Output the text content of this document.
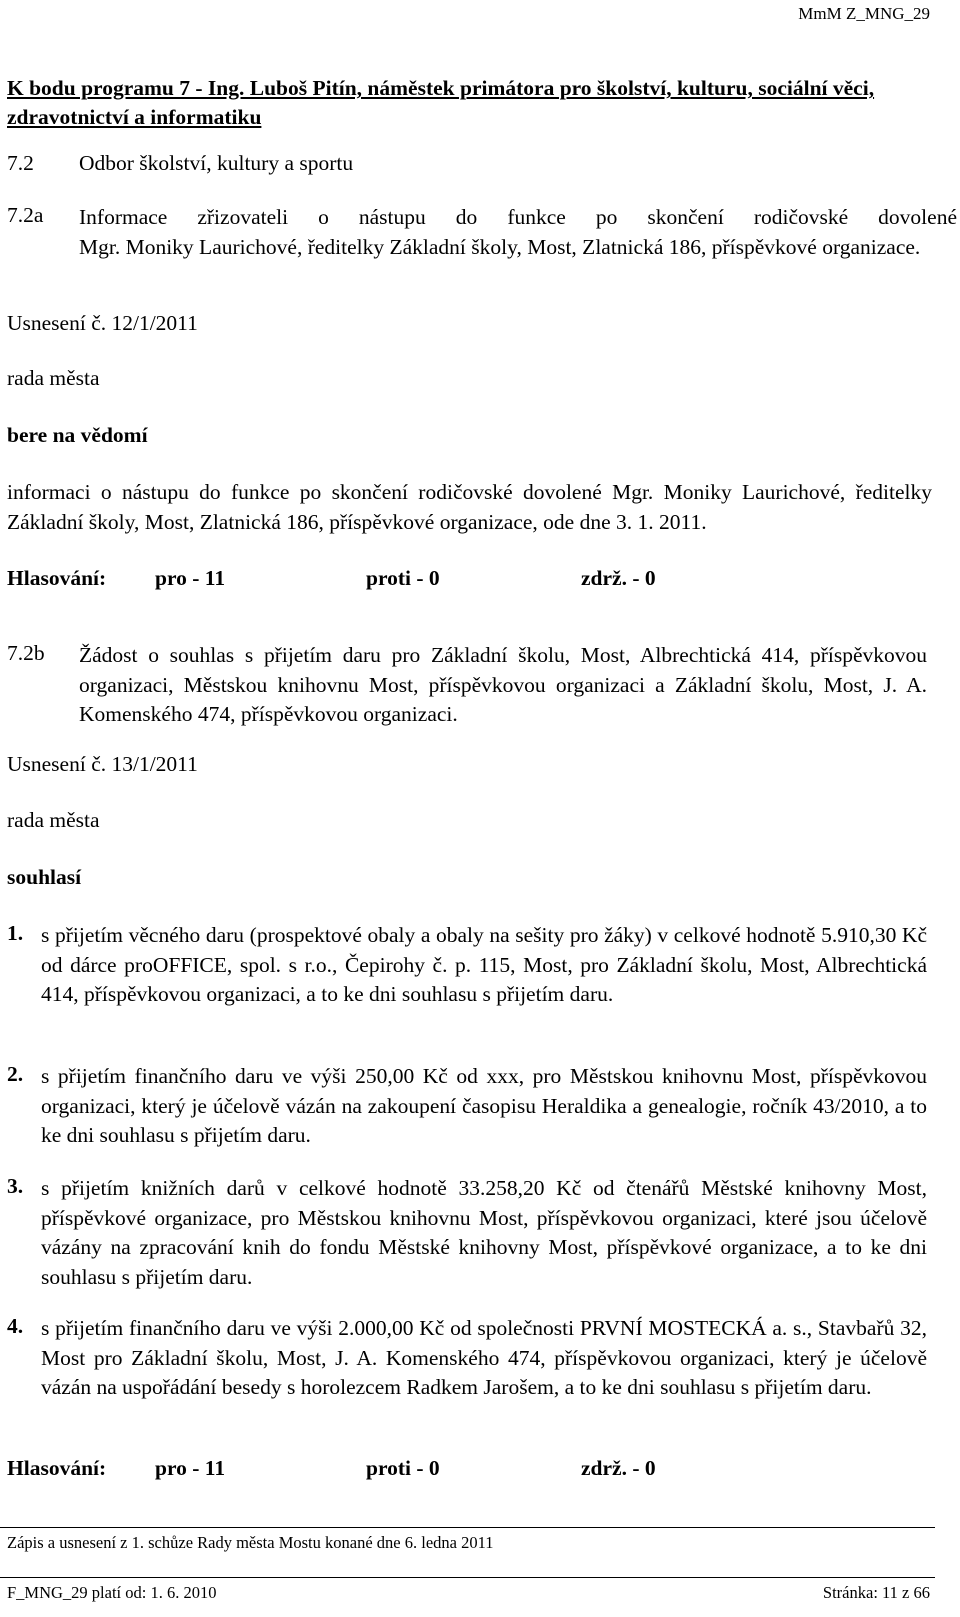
MmM Z_MNG_29
K bodu programu 7 - Ing. Luboš Pitín, náměstek primátora pro školství, kulturu, sociální věci, zdravotnictví a informatiku
7.2 Odbor školství, kultury a sportu
7.2a Informace zřizovateli o nástupu do funkce po skončení rodičovské dovolené
Mgr. Moniky Laurichové, ředitelky Základní školy, Most, Zlatnická 186, příspěvkové organizace.
Usnesení č. 12/1/2011
rada města
bere na vědomí
informaci o nástupu do funkce po skončení rodičovské dovolené Mgr. Moniky Laurichové, ředitelky Základní školy, Most, Zlatnická 186, příspěvkové organizace, ode dne 3. 1. 2011.
Hlasování: pro - 11	proti - 0	zdrž. - 0
7.2b Žádost o souhlas s přijetím daru pro Základní školu, Most, Albrechtická 414, příspěvkovou organizaci, Městskou knihovnu Most, příspěvkovou organizaci a Základní školu, Most, J. A. Komenského 474, příspěvkovou organizaci.
Usnesení č. 13/1/2011
rada města
souhlasí
1. s přijetím věcného daru (prospektové obaly a obaly na sešity pro žáky) v celkové hodnotě 5.910,30 Kč od dárce proOFFICE, spol. s r.o., Čepirohy č. p. 115, Most, pro Základní školu, Most, Albrechtická 414, příspěvkovou organizaci, a to ke dni souhlasu s přijetím daru.
2. s přijetím finančního daru ve výši 250,00 Kč od xxx, pro Městskou knihovnu Most, příspěvkovou organizaci, který je účelově vázán na zakoupení časopisu Heraldika a genealogie, ročník 43/2010, a to ke dni souhlasu s přijetím daru.
3. s přijetím knižních darů v celkové hodnotě 33.258,20 Kč od čtenářů Městské knihovny Most, příspěvkové organizace, pro Městskou knihovnu Most, příspěvkovou organizaci, které jsou účelově vázány na zpracování knih do fondu Městské knihovny Most, příspěvkové organizace, a to ke dni souhlasu s přijetím daru.
4. s přijetím finančního daru ve výši 2.000,00 Kč od společnosti PRVNÍ MOSTECKÁ a. s., Stavbařů 32, Most pro Základní školu, Most, J. A. Komenského 474, příspěvkovou organizaci, který je účelově vázán na uspořádání besedy s horolezcem Radkem Jarošem, a to ke dni souhlasu s přijetím daru.
Hlasování: pro - 11	proti - 0	zdrž. - 0
Zápis a usnesení z 1. schůze Rady města Mostu konané dne 6. ledna 2011
F_MNG_29 platí od: 1. 6. 2010	Stránka: 11 z 66
